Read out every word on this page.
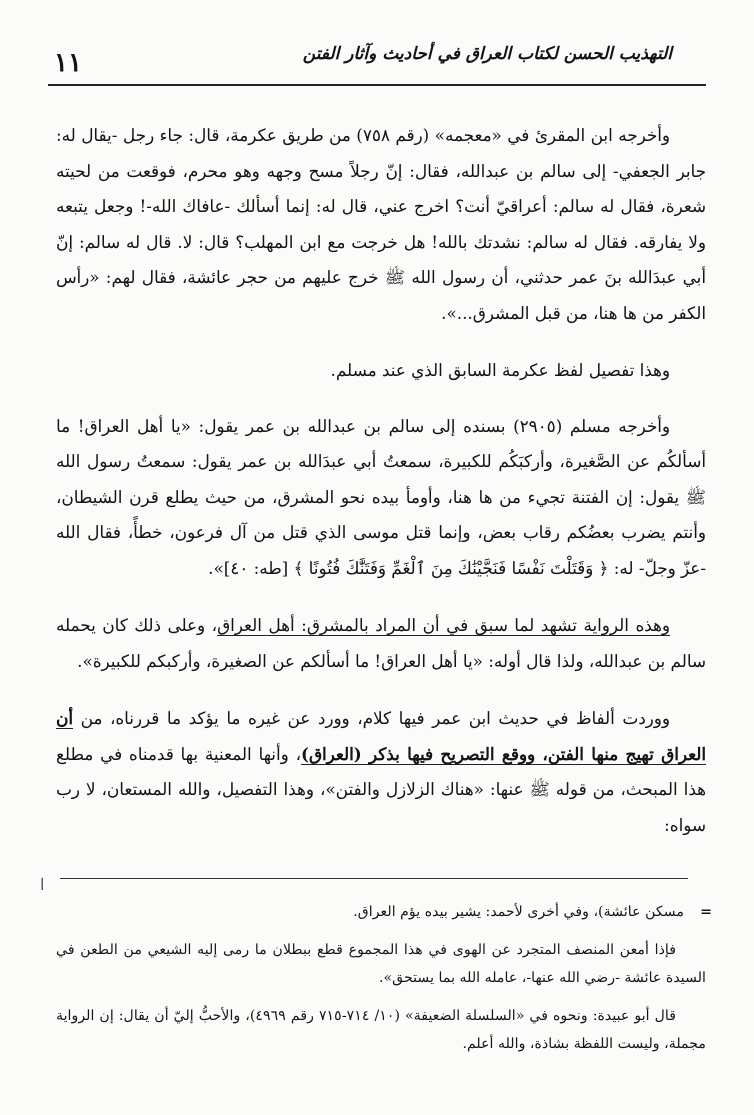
١١	التهذيب الحسن لكتاب العراق في أحاديث وآثار الفتن

وأخرجه ابن المقرئ في «معجمه» (رقم ٧٥٨) من طريق عكرمة، قال: جاء رجل -يقال له: جابر الجعفي- إلى سالم بن عبدالله، فقال: إنّ رجلاً مسح وجهه وهو محرم، فوقعت من لحيته شعرة، فقال له سالم: أعراقيّ أنت؟ اخرج عني، قال له: إنما أسألك -عافاك الله-! وجعل يتبعه ولا يفارقه. فقال له سالم: نشدتك بالله! هل خرجت مع ابن المهلب؟ قال: لا. قال له سالم: إنّ أبي عبدَالله بنَ عمر حدثني، أن رسول الله ﷺ خرج عليهم من حجر عائشة، فقال لهم: «رأس الكفر من ها هنا، من قبل المشرق...».

وهذا تفصيل لفظ عكرمة السابق الذي عند مسلم.

وأخرجه مسلم (٢٩٠٥) بسنده إلى سالم بن عبدالله بن عمر يقول: «يا أهل العراق! ما أسألكُم عن الصَّغيرة، وأركبَكُم للكبيرة، سمعتُ أبي عبدَالله بن عمر يقول: سمعتُ رسول الله ﷺ يقول: إن الفتنة تجيء من ها هنا، وأومأ بيده نحو المشرق، من حيث يطلع قرن الشيطان، وأنتم يضرب بعضُكم رقاب بعض، وإنما قتل موسى الذي قتل من آل فرعون، خطأً، فقال الله -عزّ وجلّ- له: ﴿ وَقَتَلْتَ نَفْسًا فَنَجَّيْنَٰكَ مِنَ ٱلْغَمِّ وَفَتَنَّٰكَ فُتُونًا ﴾ [طه: ٤٠]».

وهذه الرواية تشهد لما سبق في أن المراد بالمشرق: أهل العراق، وعلى ذلك كان يحمله سالم بن عبدالله، ولذا قال أوله: «يا أهل العراق! ما أسألكم عن الصغيرة، وأركبكم للكبيرة».

ووردت ألفاظ في حديث ابن عمر فيها كلام، وورد عن غيره ما يؤكد ما قررناه، من أن العراق تهيج منها الفتن، ووقع التصريح فيها بذكر (العراق)، وأنها المعنية بها قدمناه في مطلع هذا المبحث، من قوله ﷺ عنها: «هناك الزلازل والفتن»، وهذا التفصيل، والله المستعان، لا رب سواه:

ا

=
مسكن عائشة)، وفي أخرى لأحمد: يشير بيده يؤم العراق.

فإذا أمعن المنصف المتجرد عن الهوى في هذا المجموع قطع ببطلان ما رمى إليه الشيعي من الطعن في السيدة عائشة -رضي الله عنها-، عامله الله بما يستحق».

قال أبو عبيدة: ونحوه في «السلسلة الضعيفة» (١٠/ ٧١٤-٧١٥ رقم ٤٩٦٩)، والأحبُّ إليّ أن يقال: إن الرواية مجملة، وليست اللفظة بشاذة، والله أعلم.
